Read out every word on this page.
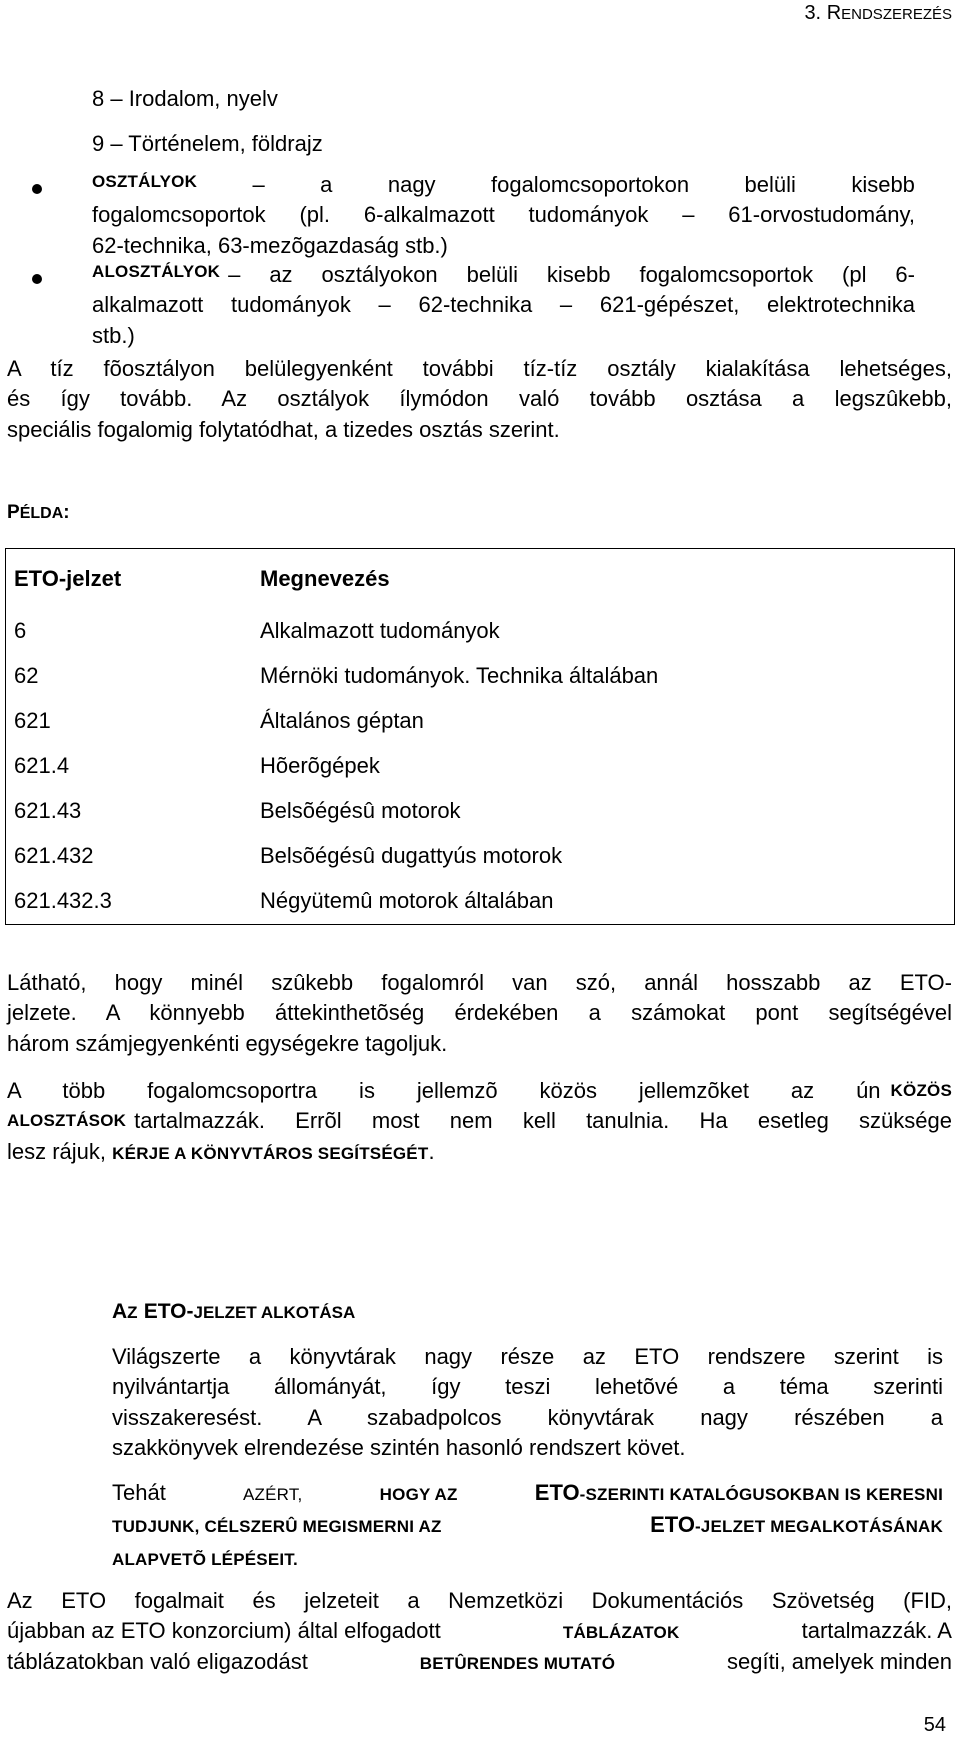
3. RENDSZEREZÉS
8 – Irodalom, nyelv
9 – Történelem, földrajz
OSZTÁLYOK	–	a	nagy	fogalomcsoportokon	belüli	kisebb
fogalomcsoportok (pl. 6-alkalmazott tudományok – 61-orvostudomány,
62-technika, 63-mezõgazdaság stb.)
ALOSZTÁLYOK – az osztályokon belüli kisebb fogalomcsoportok (pl 6-
alkalmazott tudományok – 62-technika – 621-gépészet, elektrotechnika
stb.)
A tíz fõosztályon belülegyenként további tíz-tíz osztály kialakítása lehetséges,
és így tovább. Az osztályok ílymódon való tovább osztása a legszûkebb,
speciális fogalomig folytatódhat, a tizedes osztás szerint.
PÉLDA:
ETO-jelzet	Megnevezés
6	Alkalmazott tudományok
62	Mérnöki tudományok. Technika általában
621	Általános géptan
621.4	Hõerõgépek
621.43	Belsõégésû motorok
621.432	Belsõégésû dugattyús motorok
621.432.3	Négyütemû motorok általában
Látható, hogy minél szûkebb fogalomról van szó, annál hosszabb az ETO-
jelzete. A könnyebb áttekinthetõség érdekében a számokat pont segítségével
három számjegyenkénti egységekre tagoljuk.
A több fogalomcsoportra is jellemzõ közös jellemzõket az ún KÖZÖS
ALOSZTÁSOK tartalmazzák. Errõl most nem kell tanulnia. Ha esetleg szüksége
lesz rájuk, KÉRJE A KÖNYVTÁROS SEGÍTSÉGÉT.
AZ ETO-JELZET ALKOTÁSA
Világszerte a könyvtárak nagy része az ETO rendszere szerint is
nyilvántartja állományát, így teszi lehetõvé a téma szerinti
visszakeresést. A szabadpolcos könyvtárak nagy részében a
szakkönyvek elrendezése szintén hasonló rendszert követ.
Tehát	AZÉRT,	HOGY AZ	ETO-SZERINTI KATALÓGUSOKBAN IS KERESNI
TUDJUNK, CÉLSZERÛ MEGISMERNI AZ	ETO-JELZET MEGALKOTÁSÁNAK
ALAPVETÕ LÉPÉSEIT.
Az ETO fogalmait és jelzeteit a Nemzetközi Dokumentációs Szövetség (FID,
újabban az ETO konzorcium) által elfogadott	TÁBLÁZATOK	tartalmazzák. A
táblázatokban való eligazodást	BETÛRENDES MUTATÓ	segíti, amelyek minden
54
